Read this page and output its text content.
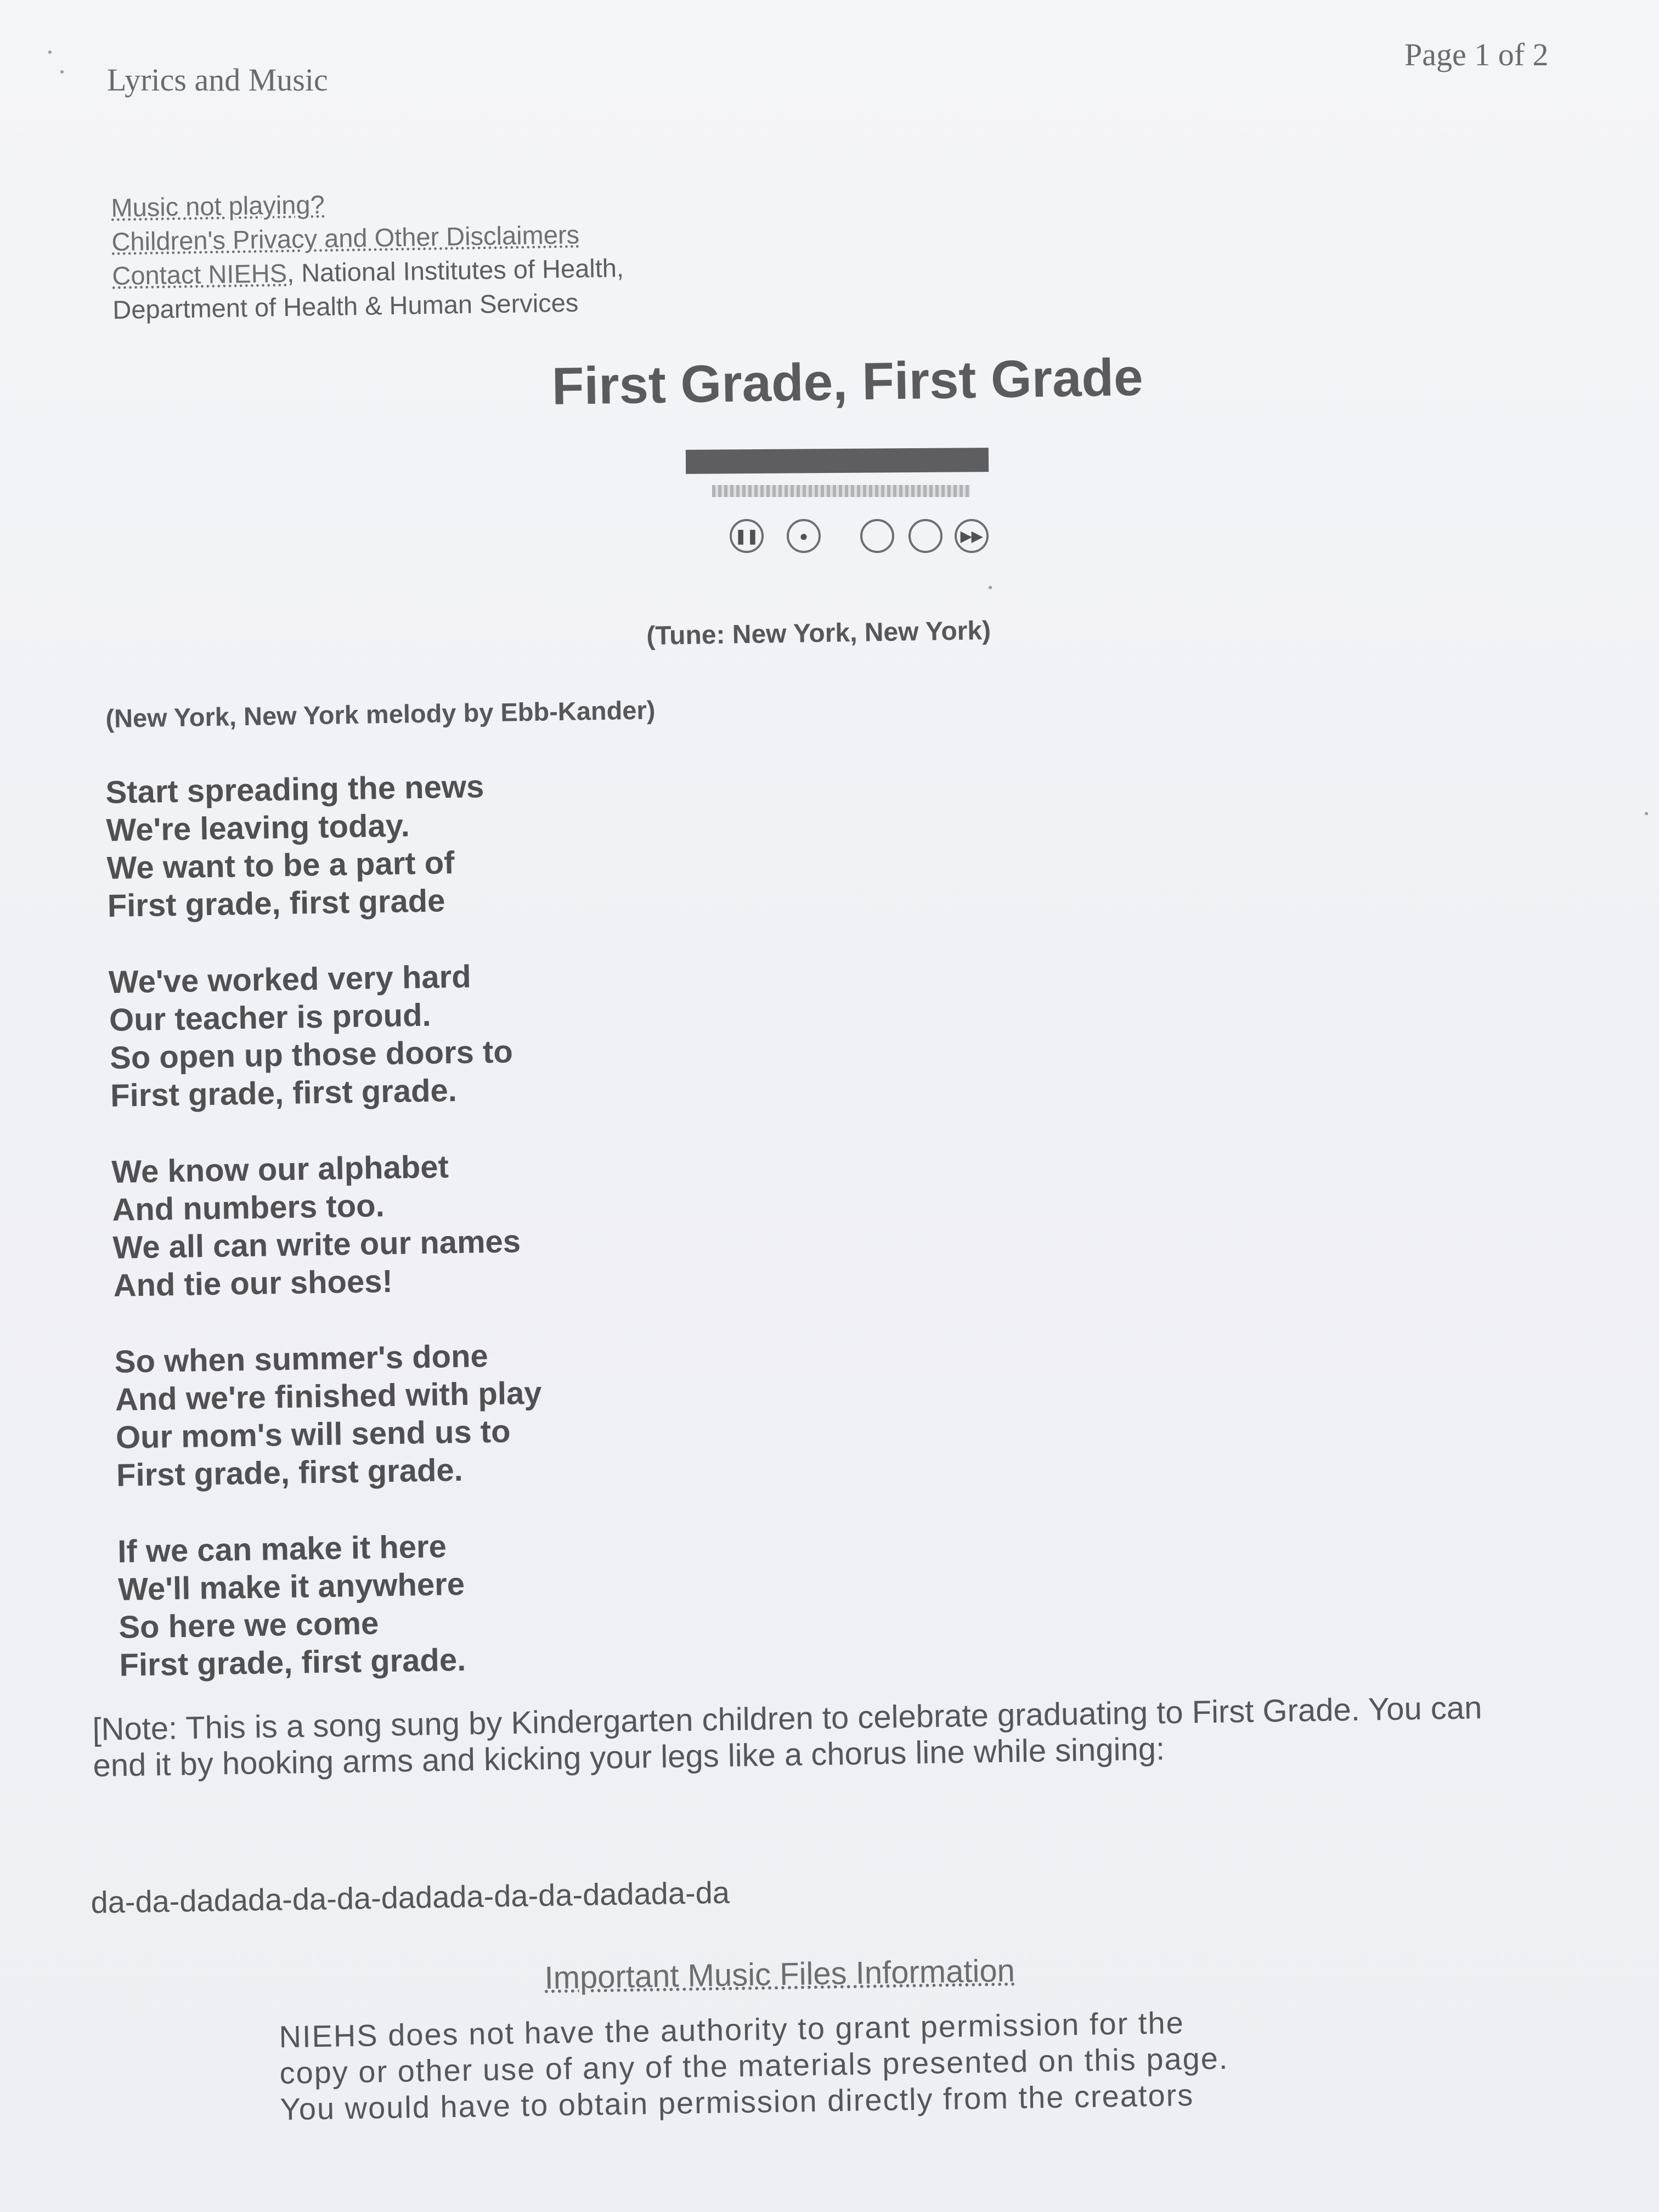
Lyrics and Music
Page 1 of 2
Music not playing?
Children's Privacy and Other Disclaimers
Contact NIEHS, National Institutes of Health,
Department of Health & Human Services
First Grade, First Grade
❚❚	●	▶▶
(Tune: New York, New York)
(New York, New York melody by Ebb-Kander)
Start spreading the news
We're leaving today.
We want to be a part of
First grade, first grade
We've worked very hard
Our teacher is proud.
So open up those doors to
First grade, first grade.
We know our alphabet
And numbers too.
We all can write our names
And tie our shoes!
So when summer's done
And we're finished with play
Our mom's will send us to
First grade, first grade.
If we can make it here
We'll make it anywhere
So here we come
First grade, first grade.
[Note: This is a song sung by Kindergarten children to celebrate graduating to First Grade. You can end it by hooking arms and kicking your legs like a chorus line while singing:
da-da-dadada-da-da-dadada-da-da-dadada-da
Important Music Files Information
NIEHS does not have the authority to grant permission for the
copy or other use of any of the materials presented on this page.
You would have to obtain permission directly from the creators
